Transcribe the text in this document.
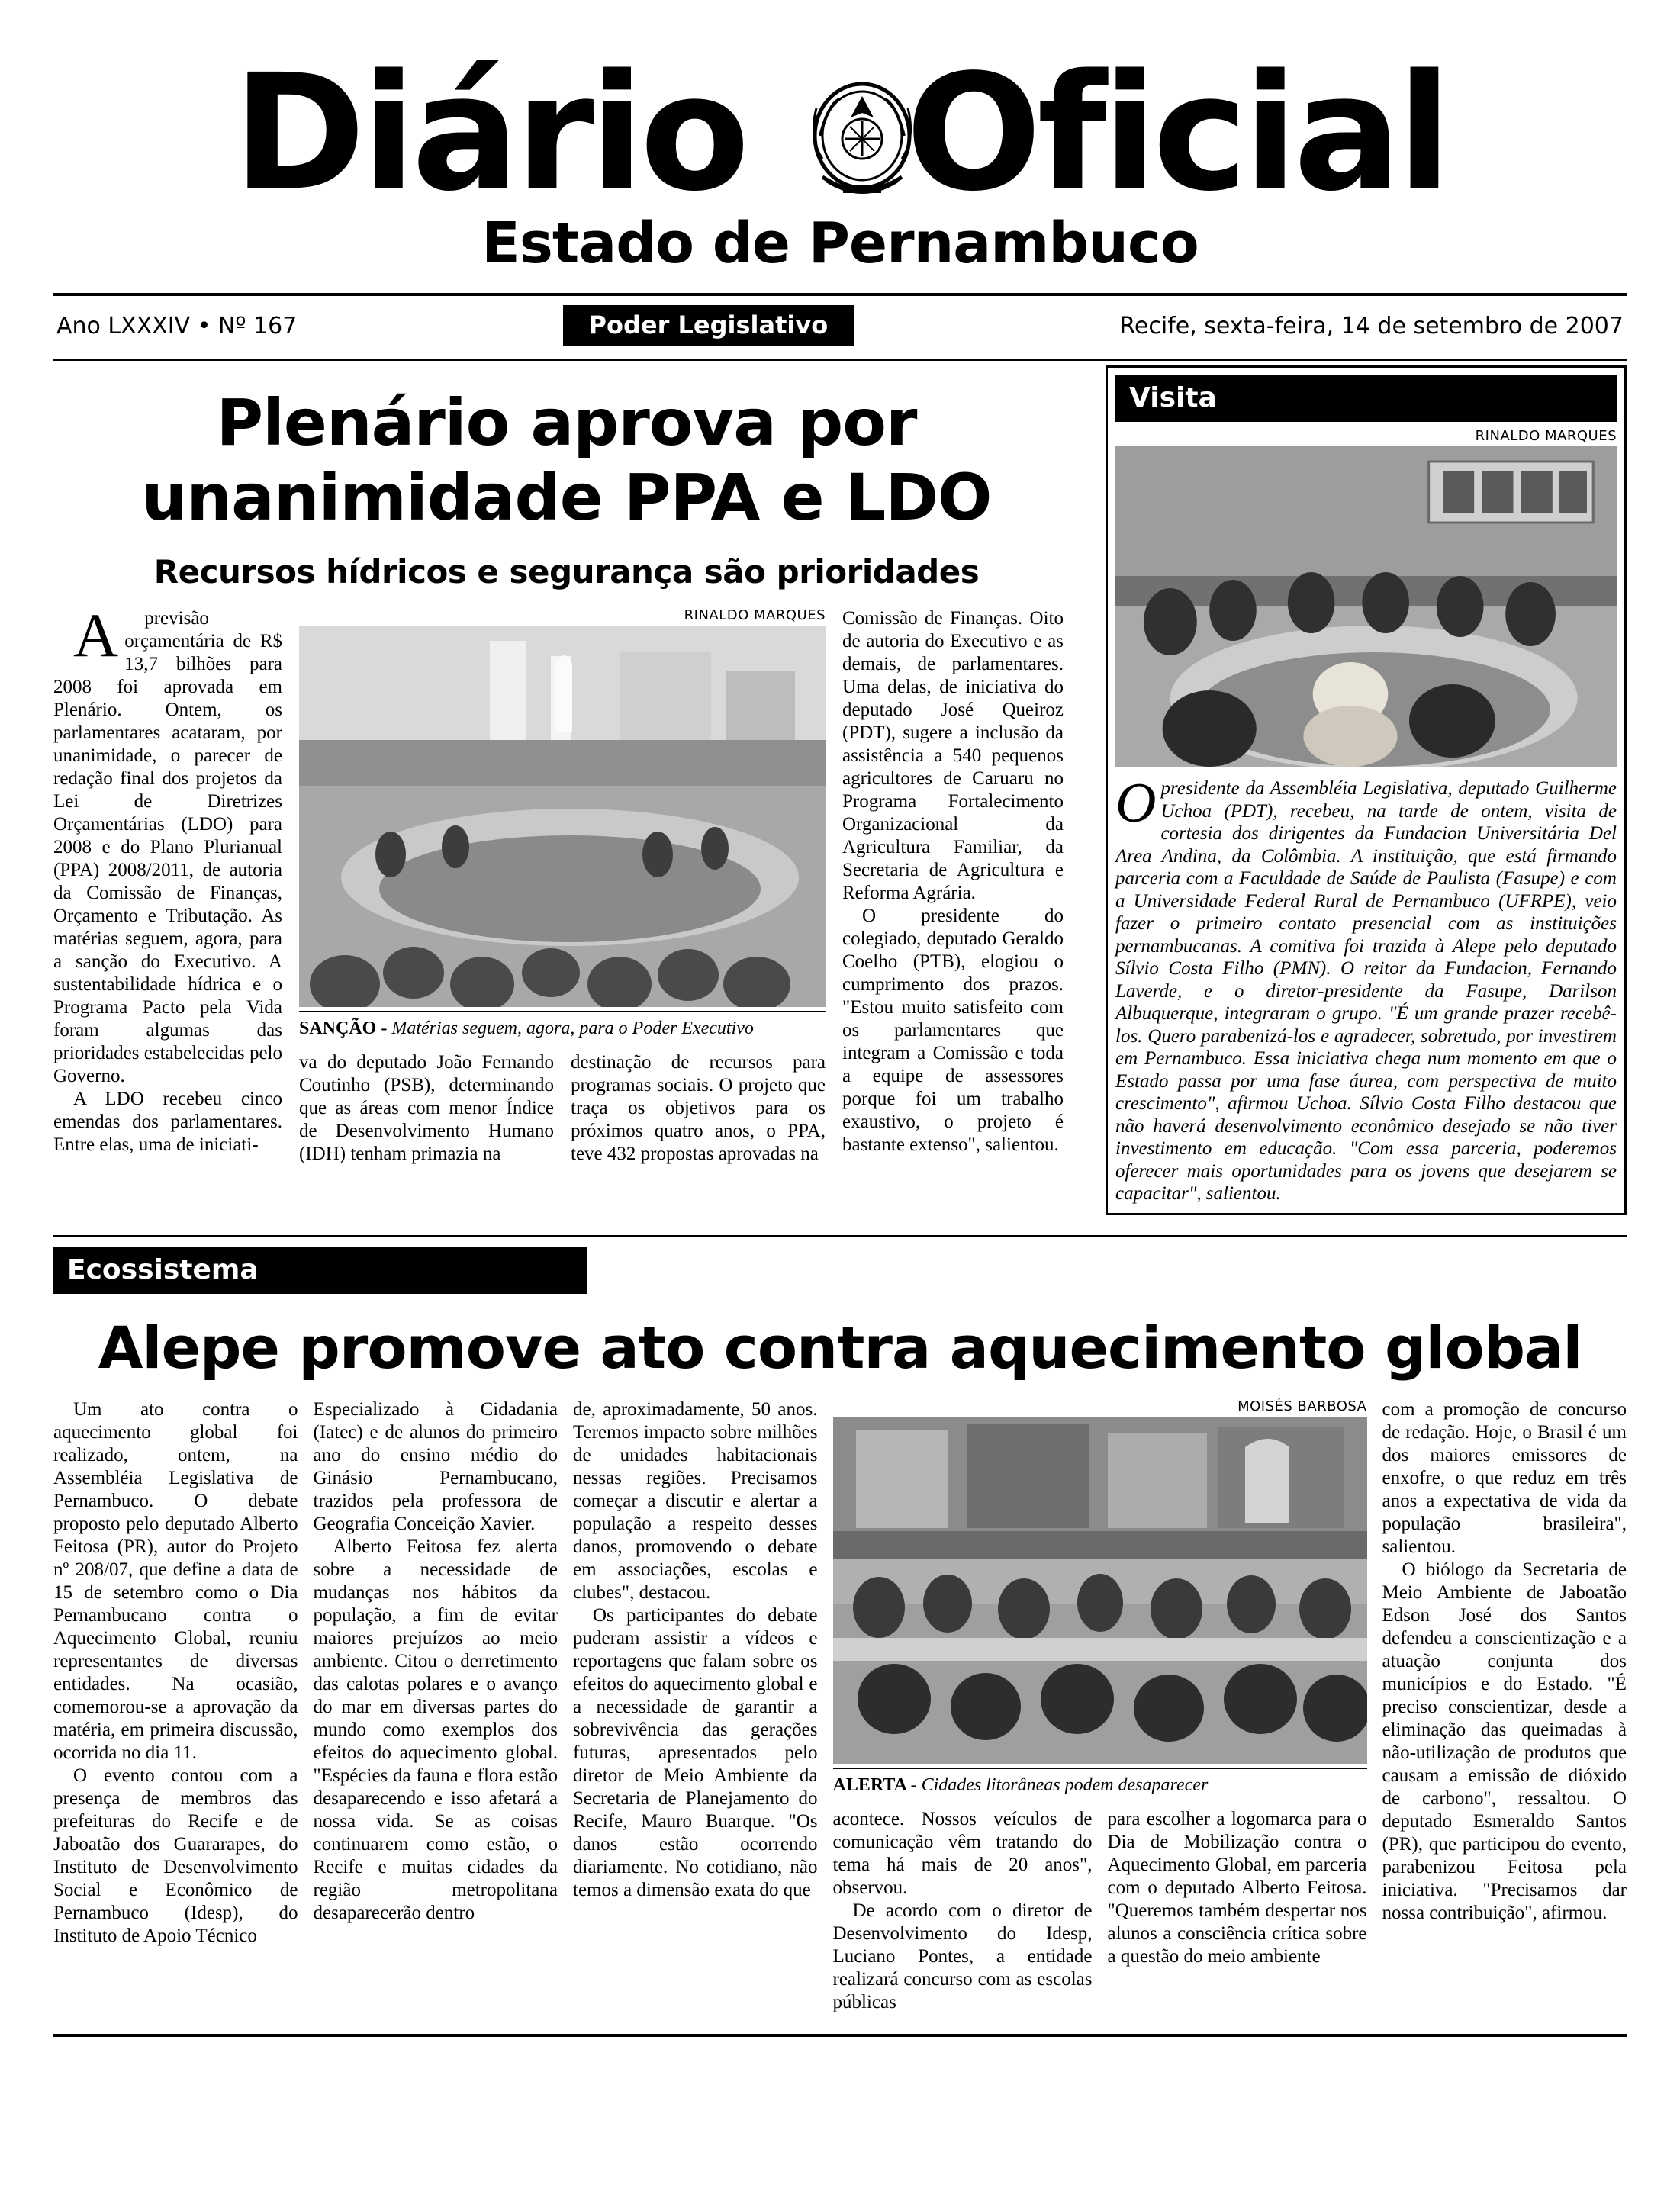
Diário Oficial
Estado de Pernambuco
Ano LXXXIV • Nº 167	Poder Legislativo	Recife, sexta-feira, 14 de setembro de 2007
Plenário aprova por unanimidade PPA e LDO
Recursos hídricos e segurança são prioridades

A	previsão orçamentária de R$ 13,7 bilhões para 2008 foi aprovada em Plenário. Ontem, os parlamentares acataram, por unanimidade, o parecer de redação final dos projetos da Lei de Diretrizes Orçamentárias (LDO) para 2008 e do Plano Plurianual (PPA) 2008/2011, de autoria da Comissão de Finanças, Orçamento e Tributação. As matérias seguem, agora, para a sanção do Executivo. A sustentabilidade hídrica e o Programa Pacto pela Vida foram algumas das prioridades estabelecidas pelo Governo.

A LDO recebeu cinco emendas dos parlamentares. Entre elas, uma de iniciati-

RINALDO MARQUES
SANÇÃO - Matérias seguem, agora, para o Poder Executivo

va do deputado João Fernando Coutinho (PSB), determinando que as áreas com menor Índice de Desenvolvimento Humano (IDH) tenham primazia na

destinação de recursos para programas sociais. O projeto que traça os objetivos para os próximos quatro anos, o PPA, teve 432 propostas aprovadas na

Comissão de Finanças. Oito de autoria do Executivo e as demais, de parlamentares. Uma delas, de iniciativa do deputado José Queiroz (PDT), sugere a inclusão da assistência a 540 pequenos agricultores de Caruaru no Programa Fortalecimento Organizacional da Agricultura Familiar, da Secretaria de Agricultura e Reforma Agrária.

O presidente do colegiado, deputado Geraldo Coelho (PTB), elogiou o cumprimento dos prazos. "Estou muito satisfeito com os parlamentares que integram a Comissão e toda a equipe de assessores porque foi um trabalho exaustivo, o projeto é bastante extenso", salientou.

Visita
RINALDO MARQUES
Opresidente da Assembléia Legislativa, deputado Guilherme Uchoa (PDT), recebeu, na tarde de ontem, visita de cortesia dos dirigentes da Fundacion Universitária Del Area Andina, da Colômbia. A instituição, que está firmando parceria com a Faculdade de Saúde de Paulista (Fasupe) e com a Universidade Federal Rural de Pernambuco (UFRPE), veio fazer o primeiro contato presencial com as instituições pernambucanas. A comitiva foi trazida à Alepe pelo deputado Sílvio Costa Filho (PMN). O reitor da Fundacion, Fernando Laverde, e o diretor-presidente da Fasupe, Darilson Albuquerque, integraram o grupo. "É um grande prazer recebê-los. Quero parabenizá-los e agradecer, sobretudo, por investirem em Pernambuco. Essa iniciativa chega num momento em que o Estado passa por uma fase áurea, com perspectiva de muito crescimento", afirmou Uchoa. Sílvio Costa Filho destacou que não haverá desenvolvimento econômico desejado se não tiver investimento em educação. "Com essa parceria, poderemos oferecer mais oportunidades para os jovens que desejarem se capacitar", salientou.
Ecossistema
Alepe promove ato contra aquecimento global

Um ato contra o aquecimento global foi realizado, ontem, na Assembléia Legislativa de Pernambuco. O debate proposto pelo deputado Alberto Feitosa (PR), autor do Projeto nº 208/07, que define a data de 15 de setembro como o Dia Pernambucano contra o Aquecimento Global, reuniu representantes de diversas entidades. Na ocasião, comemorou-se a aprovação da matéria, em primeira discussão, ocorrida no dia 11.

O evento contou com a presença de membros das prefeituras do Recife e de Jaboatão dos Guararapes, do Instituto de Desenvolvimento Social e Econômico de Pernambuco (Idesp), do Instituto de Apoio Técnico

Especializado à Cidadania (Iatec) e de alunos do primeiro ano do ensino médio do Ginásio Pernambucano, trazidos pela professora de Geografia Conceição Xavier.

Alberto Feitosa fez alerta sobre a necessidade de mudanças nos hábitos da população, a fim de evitar maiores prejuízos ao meio ambiente. Citou o derretimento das calotas polares e o avanço do mar em diversas partes do mundo como exemplos dos efeitos do aquecimento global. "Espécies da fauna e flora estão desaparecendo e isso afetará a nossa vida. Se as coisas continuarem como estão, o Recife e muitas cidades da região metropolitana desaparecerão dentro

de, aproximadamente, 50 anos. Teremos impacto sobre milhões de unidades habitacionais nessas regiões. Precisamos começar a discutir e alertar a população a respeito desses danos, promovendo o debate em associações, escolas e clubes", destacou.

Os participantes do debate puderam assistir a vídeos e reportagens que falam sobre os efeitos do aquecimento global e a necessidade de garantir a sobrevivência das gerações futuras, apresentados pelo diretor de Meio Ambiente da Secretaria de Planejamento do Recife, Mauro Buarque. "Os danos estão ocorrendo diariamente. No cotidiano, não temos a dimensão exata do que

MOISÉS BARBOSA
ALERTA - Cidades litorâneas podem desaparecer

acontece. Nossos veículos de comunicação vêm tratando do tema há mais de 20 anos", observou.

De acordo com o diretor de Desenvolvimento do Idesp, Luciano Pontes, a entidade realizará concurso com as escolas públicas

para escolher a logomarca para o Dia de Mobilização contra o Aquecimento Global, em parceria com o deputado Alberto Feitosa. "Queremos também despertar nos alunos a consciência crítica sobre a questão do meio ambiente

com a promoção de concurso de redação. Hoje, o Brasil é um dos maiores emissores de enxofre, o que reduz em três anos a expectativa de vida da população brasileira", salientou.

O biólogo da Secretaria de Meio Ambiente de Jaboatão Edson José dos Santos defendeu a conscientização e a atuação conjunta dos municípios e do Estado. "É preciso conscientizar, desde a eliminação das queimadas à não-utilização de produtos que causam a emissão de dióxido de carbono", ressaltou. O deputado Esmeraldo Santos (PR), que participou do evento, parabenizou Feitosa pela iniciativa. "Precisamos dar nossa contribuição", afirmou.
